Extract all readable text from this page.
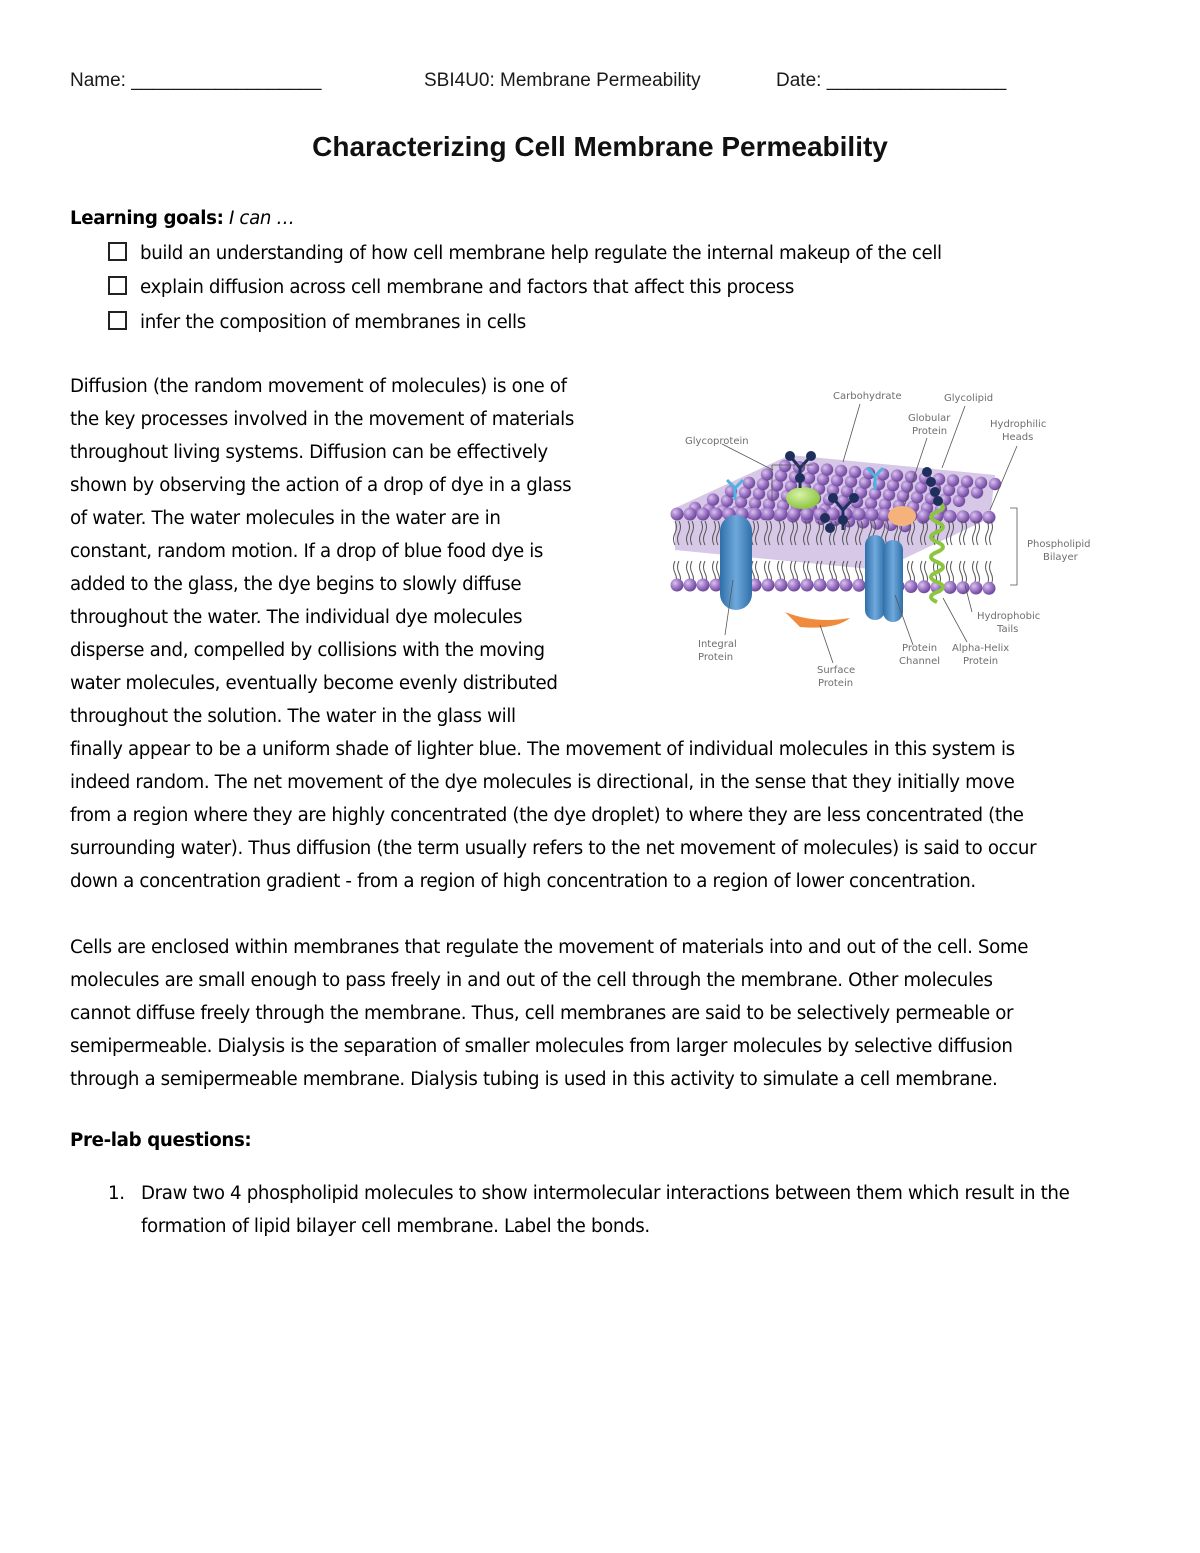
Name: __________________	SBI4U0: Membrane Permeability	Date: _________________
Characterizing Cell Membrane Permeability
Learning goals: I can …
build an understanding of how cell membrane help regulate the internal makeup of the cell
explain diffusion across cell membrane and factors that affect this process
infer the composition of membranes in cells
Diffusion (the random movement of molecules) is one of
the key processes involved in the movement of materials
throughout living systems. Diffusion can be effectively
shown by observing the action of a drop of dye in a glass
of water. The water molecules in the water are in
constant, random motion. If a drop of blue food dye is
added to the glass, the dye begins to slowly diffuse
throughout the water. The individual dye molecules
disperse and, compelled by collisions with the moving
water molecules, eventually become evenly distributed
throughout the solution. The water in the glass will
finally appear to be a uniform shade of lighter blue. The movement of individual molecules in this system is
indeed random. The net movement of the dye molecules is directional, in the sense that they initially move
from a region where they are highly concentrated (the dye droplet) to where they are less concentrated (the
surrounding water). Thus diffusion (the term usually refers to the net movement of molecules) is said to occur
down a concentration gradient - from a region of high concentration to a region of lower concentration.
Cells are enclosed within membranes that regulate the movement of materials into and out of the cell. Some
molecules are small enough to pass freely in and out of the cell through the membrane. Other molecules
cannot diffuse freely through the membrane. Thus, cell membranes are said to be selectively permeable or
semipermeable. Dialysis is the separation of smaller molecules from larger molecules by selective diffusion
through a semipermeable membrane. Dialysis tubing is used in this activity to simulate a cell membrane.
Pre-lab questions:
1. Draw two 4 phospholipid molecules to show intermolecular interactions between them which result in the formation of lipid bilayer cell membrane. Label the bonds.
Carbohydrate	Glycolipid
Globular
Protein
Hydrophilic
Heads
Glycoprotein
Phospholipid
Bilayer
Hydrophobic
Tails
Integral
Protein
Protein
Channel
Alpha-Helix
Protein
Surface
Protein
